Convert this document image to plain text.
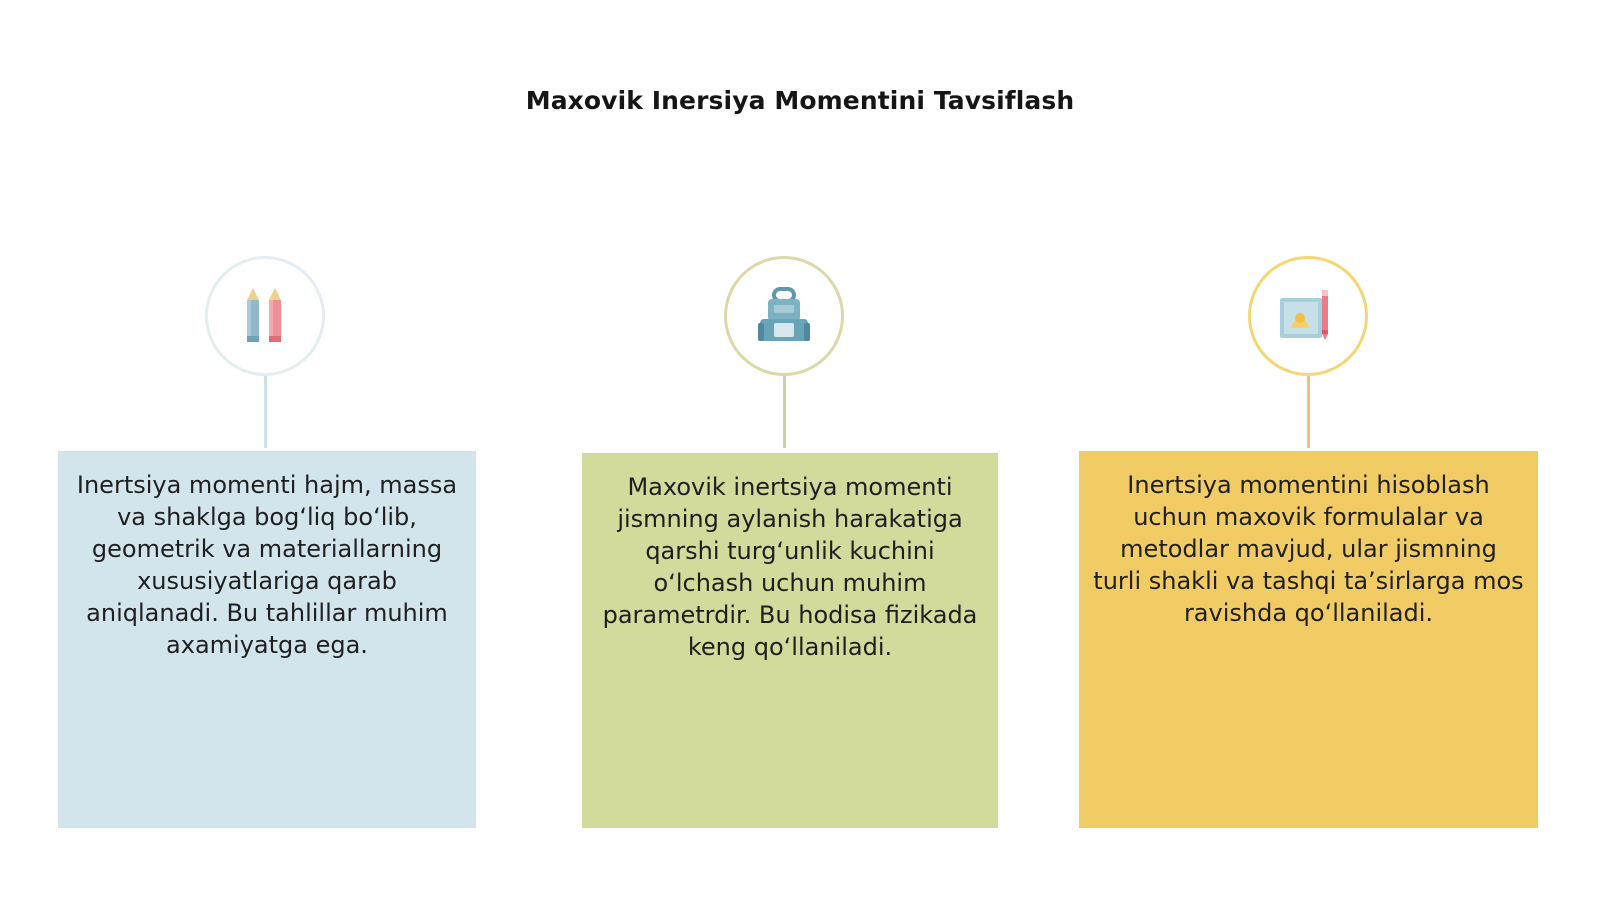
Maxovik Inersiya Momentini Tavsiflash
Inertsiya momenti hajm, massa va shaklga bog‘liq bo‘lib, geometrik va materiallarning xususiyatlariga qarab aniqlanadi. Bu tahlillar muhim axamiyatga ega.
Maxovik inertsiya momenti jismning aylanish harakatiga qarshi turg‘unlik kuchini o‘lchash uchun muhim parametrdir. Bu hodisa fizikada keng qo‘llaniladi.
Inertsiya momentini hisoblash uchun maxovik formulalar va metodlar mavjud, ular jismning turli shakli va tashqi ta’sirlarga mos ravishda qo‘llaniladi.
